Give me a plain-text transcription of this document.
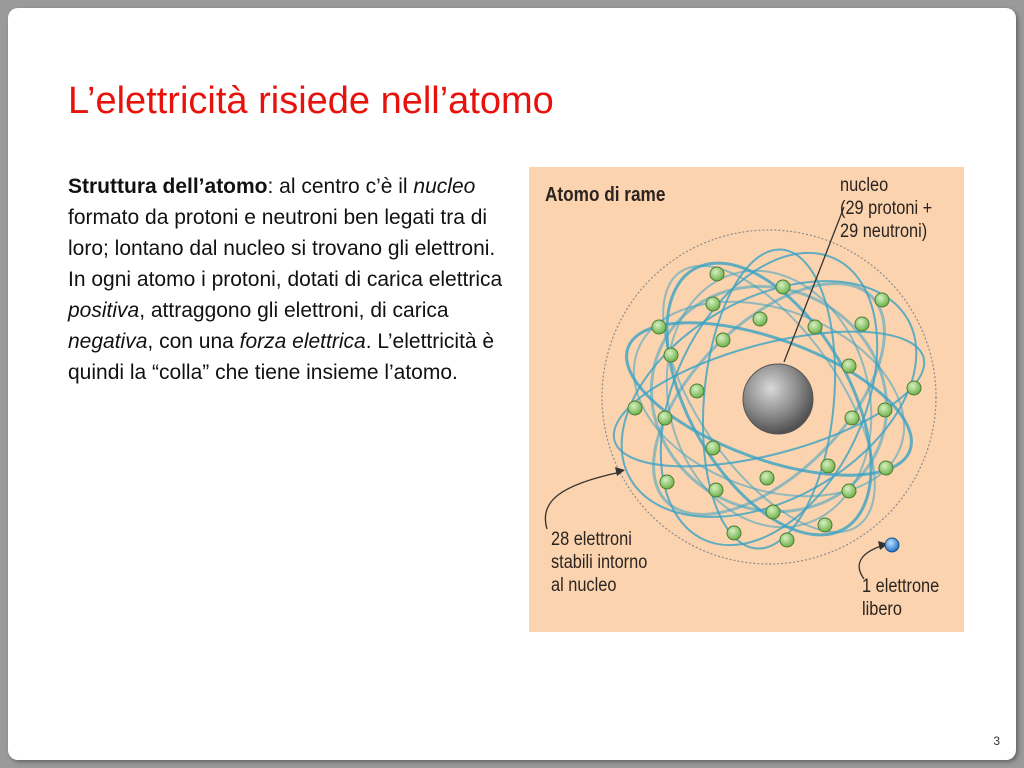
L’elettricità risiede nell’atomo

Struttura dell’atomo: al centro c’è il nucleo formato da protoni e neutroni ben legati tra di loro; lontano dal nucleo si trovano gli elettroni.

In ogni atomo i protoni, dotati di carica elettrica positiva, attraggono gli elettroni, di carica negativa, con una forza elettrica. L’elettricità è quindi la “colla” che tiene insieme l’atomo.

Atomo di rame	nucleo
(29 protoni +
29 neutroni)
28 elettroni
stabili intorno
al nucleo	1 elettrone
libero
3
